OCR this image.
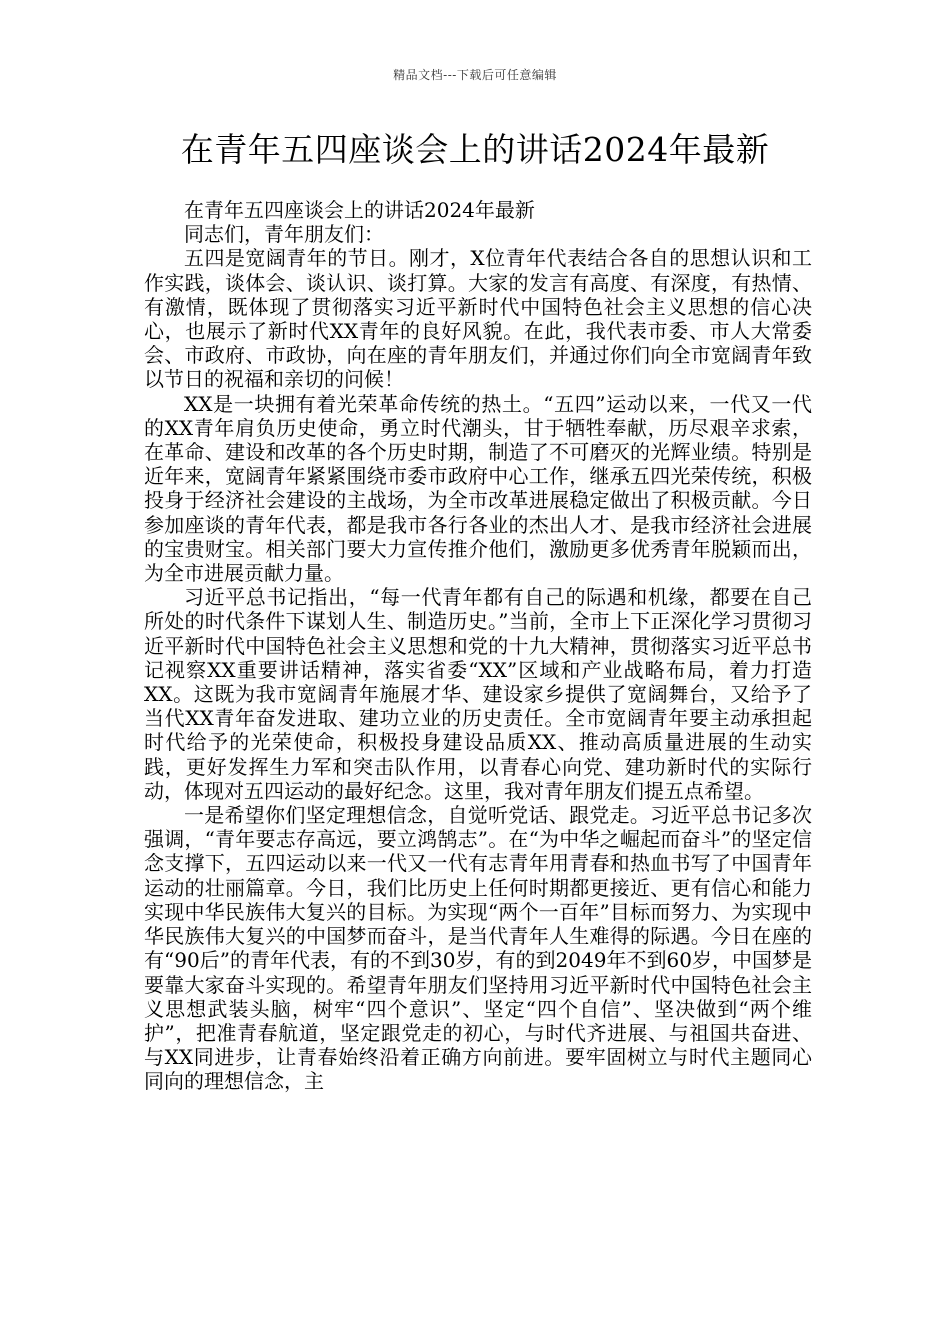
精品文档---下载后可任意编辑
在青年五四座谈会上的讲话2024年最新

在青年五四座谈会上的讲话2024年最新

同志们，青年朋友们：

五四是宽阔青年的节日。刚才，X位青年代表结合各自的思想认识和工作实践，谈体会、谈认识、谈打算。大家的发言有高度、有深度，有热情、有激情，既体现了贯彻落实习近平新时代中国特色社会主义思想的信心决心，也展示了新时代XX青年的良好风貌。在此，我代表市委、市人大常委会、市政府、市政协，向在座的青年朋友们，并通过你们向全市宽阔青年致以节日的祝福和亲切的问候！

XX是一块拥有着光荣革命传统的热土。“五四”运动以来，一代又一代的XX青年肩负历史使命，勇立时代潮头，甘于牺牲奉献，历尽艰辛求索，在革命、建设和改革的各个历史时期，制造了不可磨灭的光辉业绩。特别是近年来，宽阔青年紧紧围绕市委市政府中心工作，继承五四光荣传统，积极投身于经济社会建设的主战场，为全市改革进展稳定做出了积极贡献。今日参加座谈的青年代表，都是我市各行各业的杰出人才、是我市经济社会进展的宝贵财宝。相关部门要大力宣传推介他们，激励更多优秀青年脱颖而出，为全市进展贡献力量。

习近平总书记指出，“每一代青年都有自己的际遇和机缘，都要在自己所处的时代条件下谋划人生、制造历史。”当前，全市上下正深化学习贯彻习近平新时代中国特色社会主义思想和党的十九大精神，贯彻落实习近平总书记视察XX重要讲话精神，落实省委“XX”区域和产业战略布局，着力打造XX。这既为我市宽阔青年施展才华、建设家乡提供了宽阔舞台，又给予了当代XX青年奋发进取、建功立业的历史责任。全市宽阔青年要主动承担起时代给予的光荣使命，积极投身建设品质XX、推动高质量进展的生动实践，更好发挥生力军和突击队作用，以青春心向党、建功新时代的实际行动，体现对五四运动的最好纪念。这里，我对青年朋友们提五点希望。

一是希望你们坚定理想信念，自觉听党话、跟党走。习近平总书记多次强调，“青年要志存高远，要立鸿鹄志”。在“为中华之崛起而奋斗”的坚定信念支撑下，五四运动以来一代又一代有志青年用青春和热血书写了中国青年运动的壮丽篇章。今日，我们比历史上任何时期都更接近、更有信心和能力实现中华民族伟大复兴的目标。为实现“两个一百年”目标而努力、为实现中华民族伟大复兴的中国梦而奋斗，是当代青年人生难得的际遇。今日在座的有“90后”的青年代表，有的不到30岁，有的到2049年不到60岁，中国梦是要靠大家奋斗实现的。希望青年朋友们坚持用习近平新时代中国特色社会主义思想武装头脑，树牢“四个意识”、坚定“四个自信”、坚决做到“两个维护”，把准青春航道，坚定跟党走的初心，与时代齐进展、与祖国共奋进、与XX同进步，让青春始终沿着正确方向前进。要牢固树立与时代主题同心同向的理想信念，主
